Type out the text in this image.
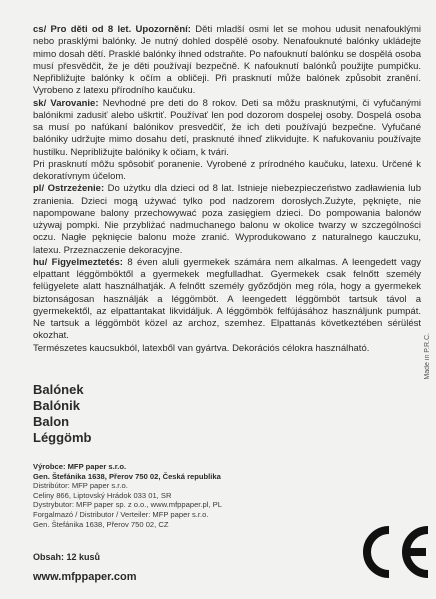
cs/ Pro děti od 8 let. Upozornění: Děti mladší osmi let se mohou udusit nenafouklými nebo prasklými balónky. Je nutný dohled dospělé osoby. Nenafouknuté balónky ukládejte mimo dosah dětí. Prasklé balónky ihned odstraňte. Po nafouknutí balónku se dospělá osoba musí přesvědčit, že je děti používají bezpečně. K nafouknutí balónků použijte pumpičku. Nepřibližujte balónky k očím a obličeji. Při prasknutí může balónek způsobit zranění. Vyrobeno z latexu přírodního kaučuku.

sk/ Varovanie: Nevhodné pre deti do 8 rokov. Deti sa môžu prasknutými, či vyfučanými balónikmi zadusiť alebo uškrtiť. Používať len pod dozorom dospelej osoby. Dospelá osoba sa musí po nafúkaní balónikov presvedčiť, že ich deti používajú bezpečne. Vyfučané balóniky udržujte mimo dosahu detí, prasknuté ihneď zlikvidujte. K nafukovaniu používajte hustilku. Nepribližujte balóniky k očiam, k tvári.

Pri prasknutí môžu spôsobiť poranenie. Vyrobené z prírodného kaučuku, latexu. Určené k dekoratívnym účelom.

pl/ Ostrzeżenie: Do użytku dla dzieci od 8 lat. Istnieje niebezpieczeństwo zadławienia lub zranienia. Dzieci mogą używać tylko pod nadzorem dorosłych.Zużyte, pęknięte, nie napompowane balony przechowywać poza zasięgiem dzieci. Do pompowania balonów używaj pompki. Nie przybliżać nadmuchanego balonu w okolice twarzy w szczególności oczu. Nagłe pęknięcie balonu może zranić. Wyprodukowano z naturalnego kauczuku, latexu. Przeznaczenie dekoracyjne.

hu/ Figyelmeztetés: 8 éven aluli gyermekek számára nem alkalmas. A leengedett vagy elpattant léggömböktől a gyermekek megfulladhat. Gyermekek csak felnőtt személy felügyelete alatt használhatják. A felnőtt személy győződjön meg róla, hogy a gyermekek biztonságosan használják a léggömböt. A leengedett léggömböt tartsuk távol a gyermekektől, az elpattantakat likvidáljuk. A léggömbök felfújásához használjunk pumpát. Ne tartsuk a léggömböt közel az archoz, szemhez. Elpattanás következtében sérülést okozhat.

Természetes kaucsukból, latexből van gyártva. Dekorációs célokra használható.

Balónek
Balónik
Balon
Léggömb
Made in P.R.C.
Výrobce: MFP paper s.r.o.
Gen. Štefánika 1638, Přerov 750 02, Česká republika
Distribútor: MFP paper s.r.o.
Celiny 866, Liptovský Hrádok 033 01, SR
Dystrybutor: MFP paper sp. z o.o., www.mfppaper.pl, PL
Forgalmazó / Distributor / Verteiler: MFP paper s.r.o.
Gen. Štefánika 1638, Přerov 750 02, CZ
Obsah: 12 kusů
www.mfppaper.com
